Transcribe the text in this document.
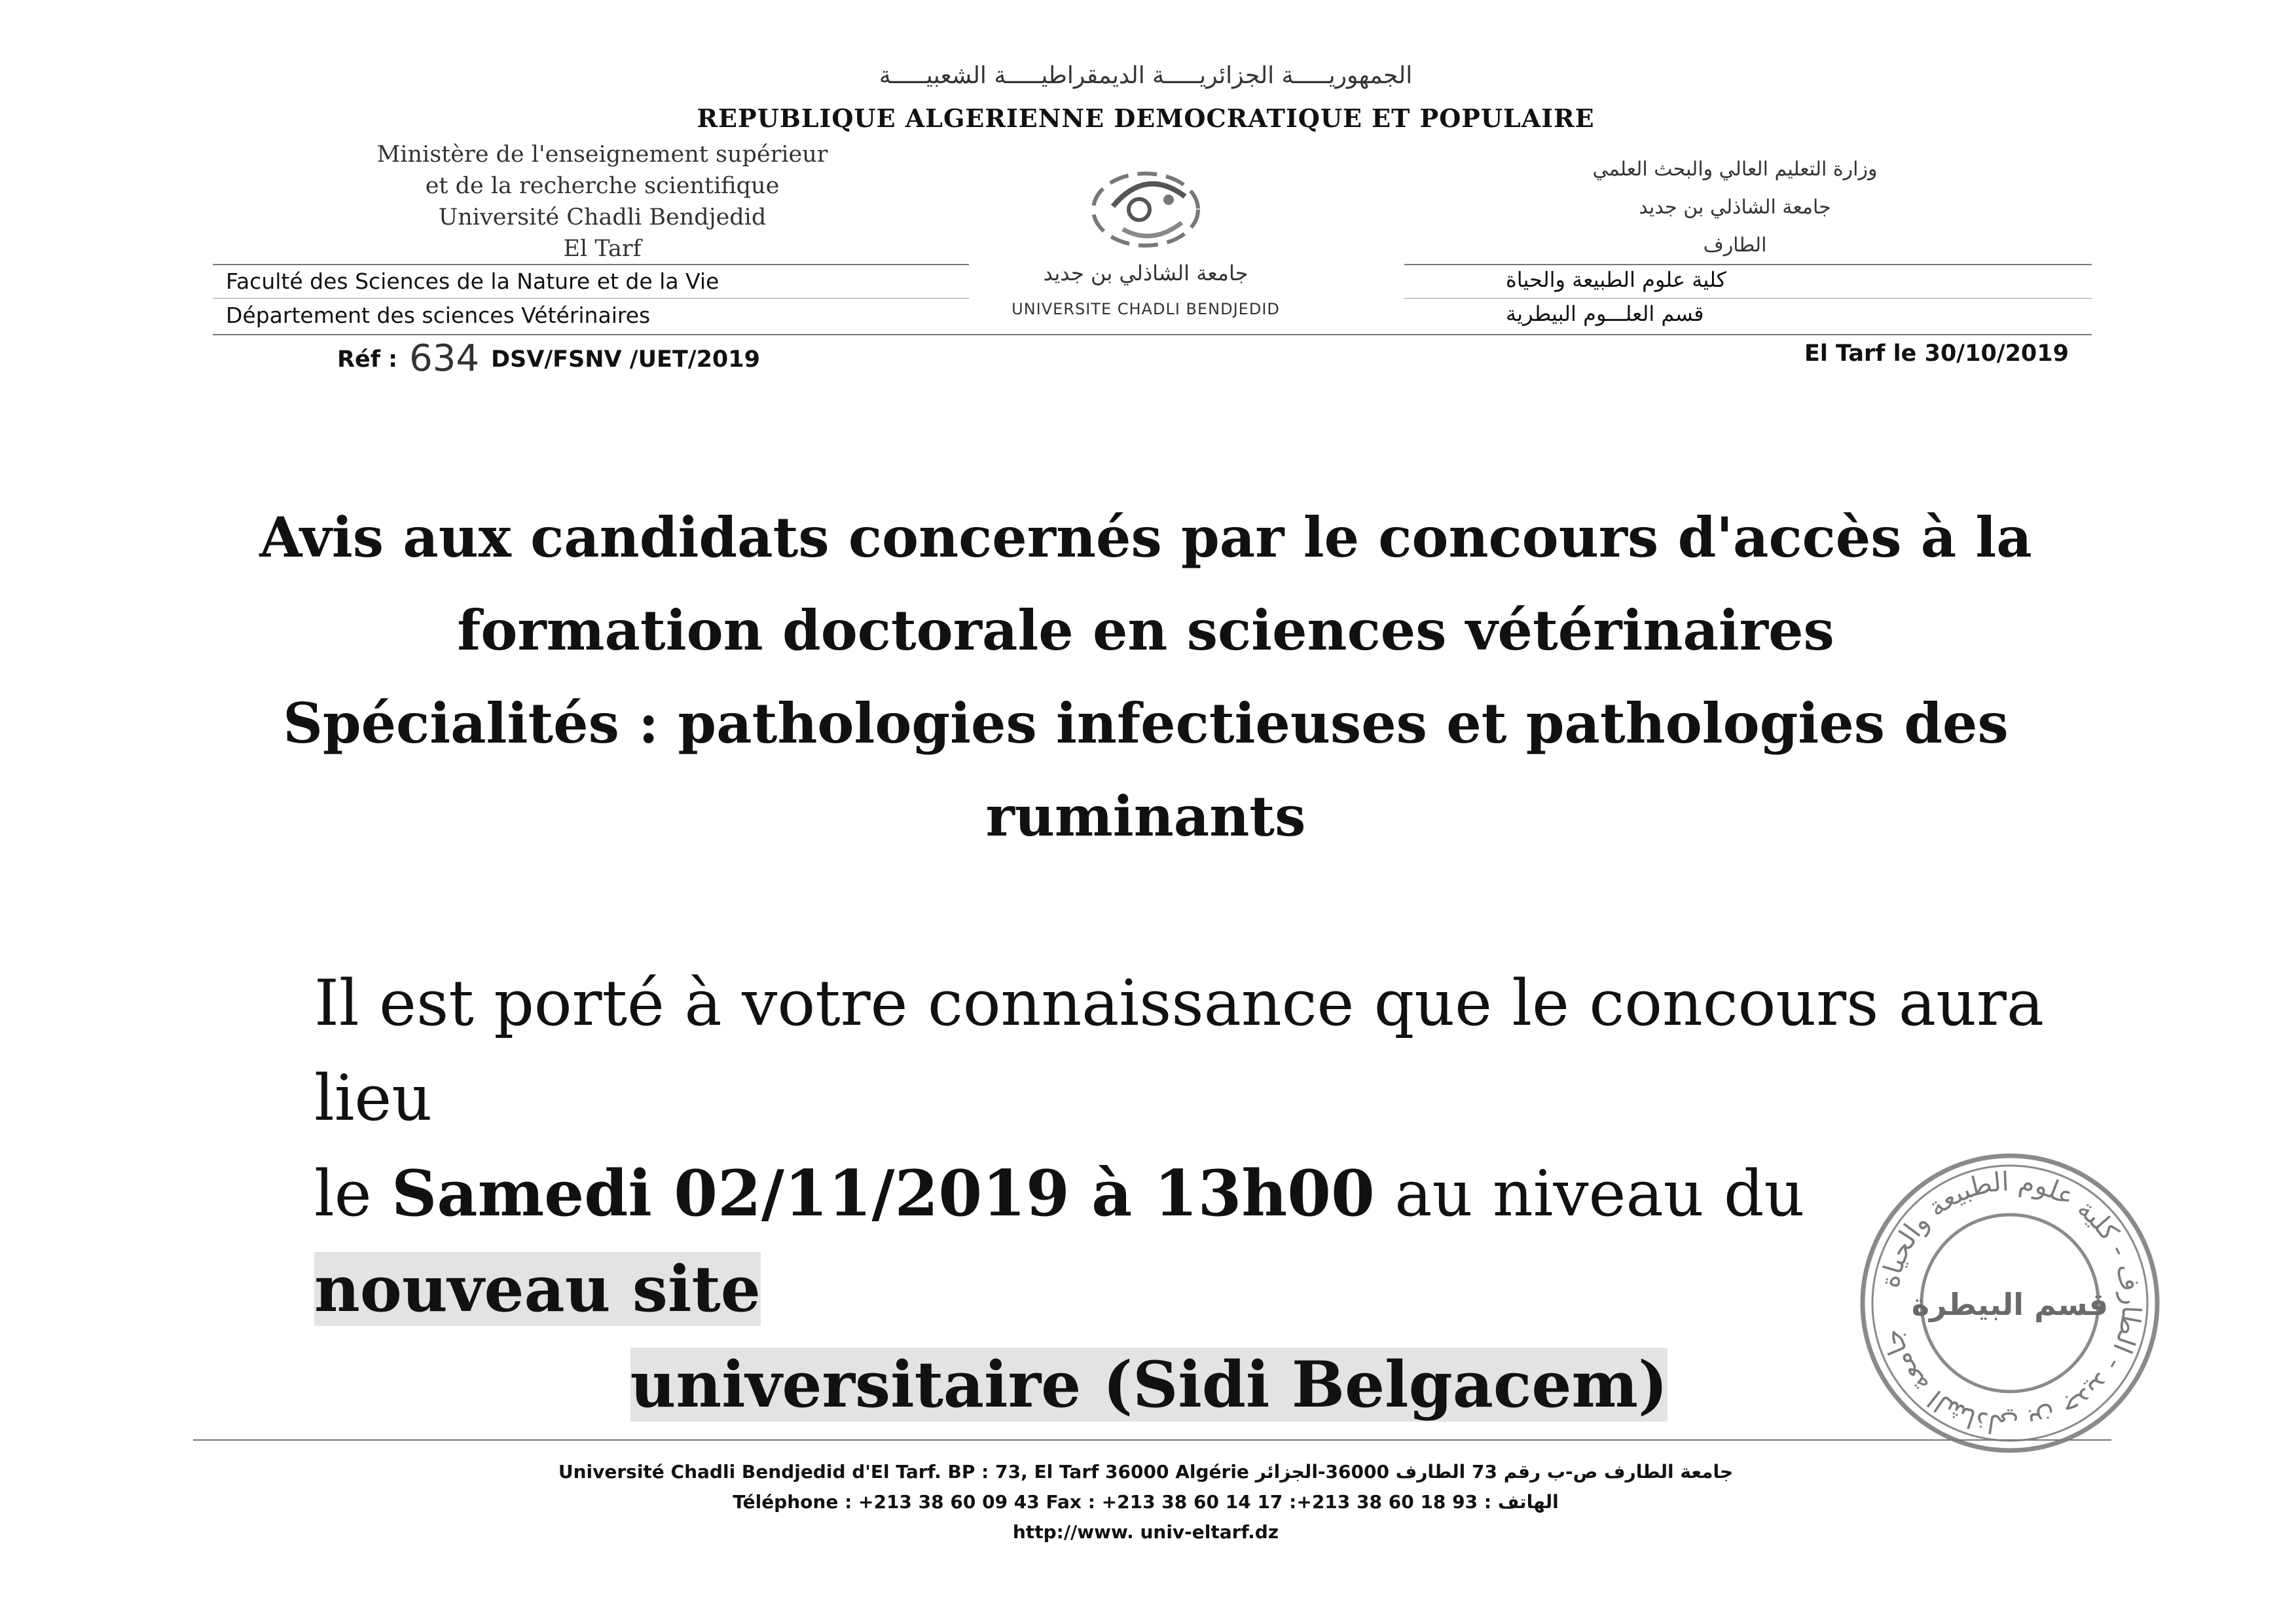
الجمهوريـــــة الجزائريـــــة الديمقراطيـــــة الشعبيـــــة
REPUBLIQUE ALGERIENNE DEMOCRATIQUE ET POPULAIRE
Ministère de l'enseignement supérieur
et de la recherche scientifique
Université Chadli Bendjedid
El Tarf
وزارة التعليم العالي والبحث العلمي
جامعة الشاذلي بن جديد
الطارف
جامعة الشاذلي بن جديد
UNIVERSITE CHADLI BENDJEDID
Faculté des Sciences de la Nature et de la Vie
Département des sciences Vétérinaires
كلية علوم الطبيعة والحياة
قسم العلـــوم البيطرية
Réf : 634 DSV/FSNV /UET/2019	El Tarf le 30/10/2019
Avis aux candidats concernés par le concours d'accès à la
formation doctorale en sciences vétérinaires
Spécialités : pathologies infectieuses et pathologies des
ruminants
Il est porté à votre connaissance que le concours aura lieu
le Samedi 02/11/2019 à 13h00 au niveau du nouveau site
universitaire (Sidi Belgacem)
جامعة الشاذلي بن جديد - الطارف - كلية علوم الطبيعة والحياة
قسم البيطرة
Université Chadli Bendjedid d'El Tarf. BP : 73, El Tarf 36000 Algérie جامعة الطارف ص-ب رقم 73 الطارف 36000-الجزائر
Téléphone : +213 38 60 09 43 Fax : +213 38 60 14 17 :+213 38 60 18 93 : الهاتف
http://www. univ-eltarf.dz
